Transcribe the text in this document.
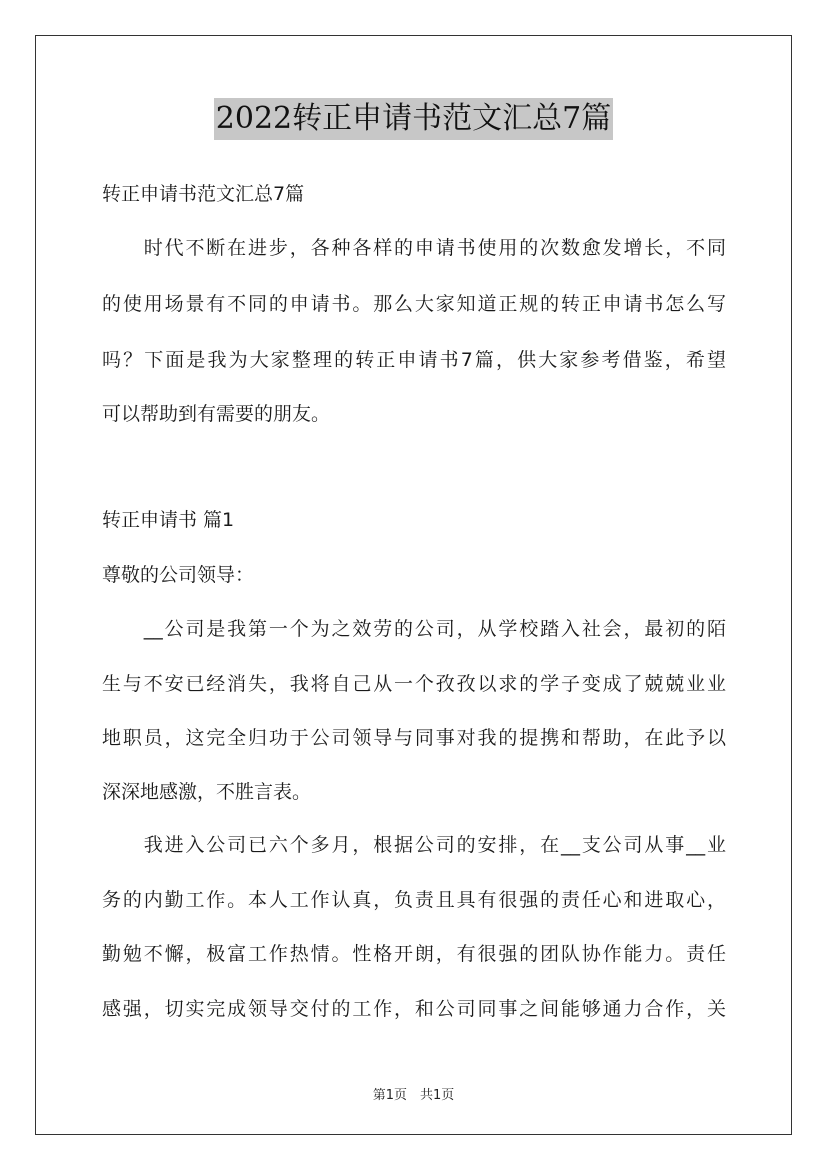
2022转正申请书范文汇总7篇
转正申请书范文汇总7篇
　　时代不断在进步，各种各样的申请书使用的次数愈发增长，不同
的使用场景有不同的申请书。那么大家知道正规的转正申请书怎么写
吗？下面是我为大家整理的转正申请书7篇，供大家参考借鉴，希望
可以帮助到有需要的朋友。
转正申请书 篇1
尊敬的公司领导：
　　__公司是我第一个为之效劳的公司，从学校踏入社会，最初的陌
生与不安已经消失，我将自己从一个孜孜以求的学子变成了兢兢业业
地职员，这完全归功于公司领导与同事对我的提携和帮助，在此予以
深深地感激，不胜言表。
　　我进入公司已六个多月，根据公司的安排，在__支公司从事__业
务的内勤工作。本人工作认真，负责且具有很强的责任心和进取心，
勤勉不懈，极富工作热情。性格开朗，有很强的团队协作能力。责任
感强，切实完成领导交付的工作，和公司同事之间能够通力合作，关
第1页　共1页
